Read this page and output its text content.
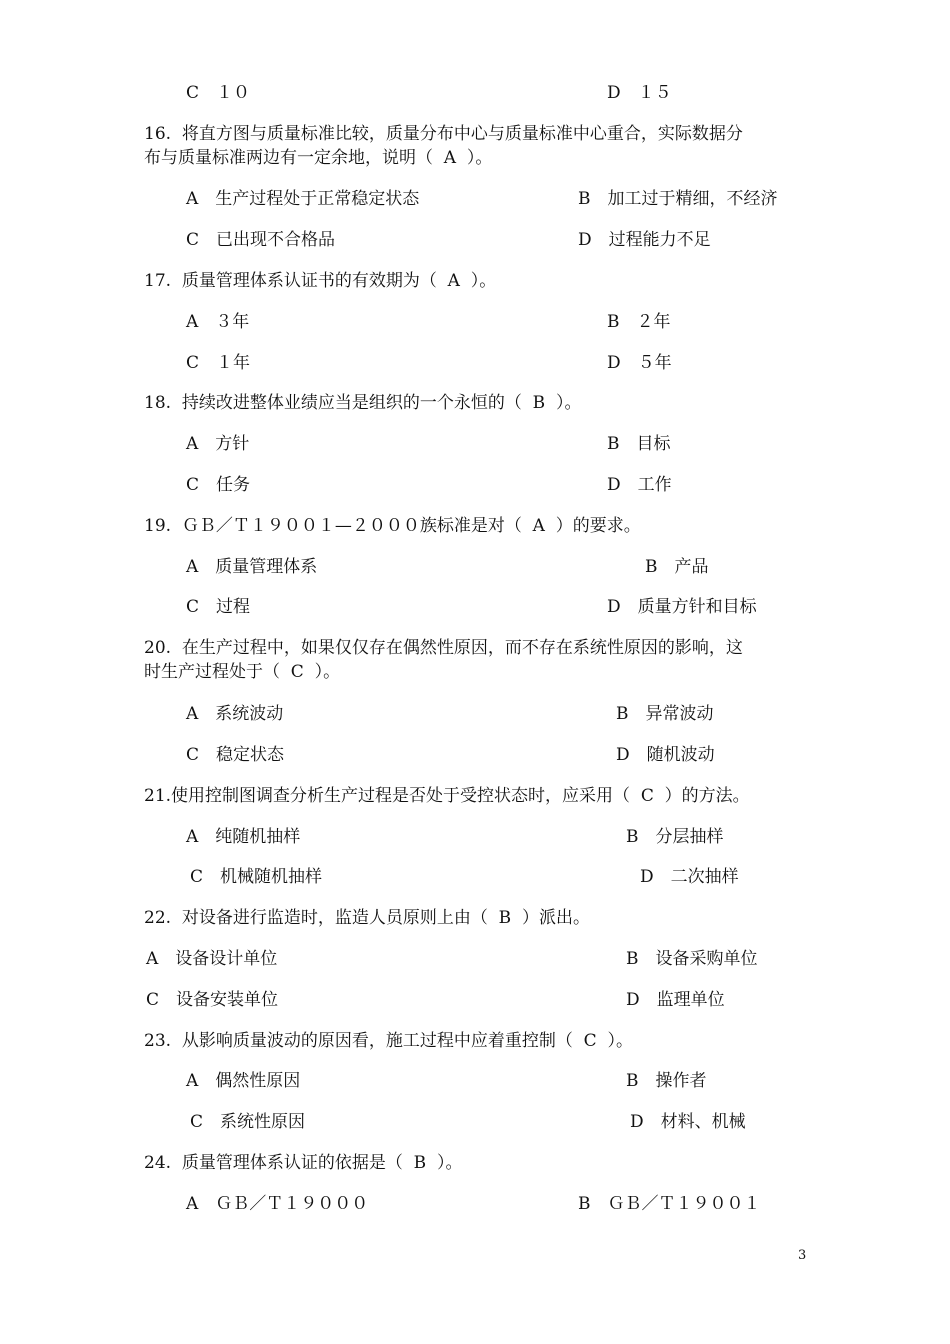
C　１０	D　１５
16.  将直方图与质量标准比较，质量分布中心与质量标准中心重合，实际数据分
布与质量标准两边有一定余地，说明（  A  ）。
A　生产过程处于正常稳定状态	B　加工过于精细，不经济
C　已出现不合格品	D　过程能力不足
17.  质量管理体系认证书的有效期为（  A  ）。
A　３年	B　２年
C　１年	D　５年
18.  持续改进整体业绩应当是组织的一个永恒的（  B  ）。
A　方针	B　目标
C　任务	D　工作
19.  ＧＢ／Ｔ１９００１—２０００族标准是对（  A  ）的要求。
A　质量管理体系	B　产品
C　过程	D　质量方针和目标
20.  在生产过程中，如果仅仅存在偶然性原因，而不存在系统性原因的影响，这
时生产过程处于（  C  ）。
A　系统波动	B　异常波动
C　稳定状态	D　随机波动
21.使用控制图调查分析生产过程是否处于受控状态时，应采用（  C  ）的方法。
A　纯随机抽样	B　分层抽样
C　机械随机抽样	D　二次抽样
22.  对设备进行监造时，监造人员原则上由（  B  ）派出。
A　设备设计单位	B　设备采购单位
C　设备安装单位	D　监理单位
23.  从影响质量波动的原因看，施工过程中应着重控制（  C  ）。
A　偶然性原因	B　操作者
C　系统性原因	D　材料、机械
24.  质量管理体系认证的依据是（  B  ）。
A　ＧＢ／Ｔ１９０００	B　ＧＢ／Ｔ１９００１
3
